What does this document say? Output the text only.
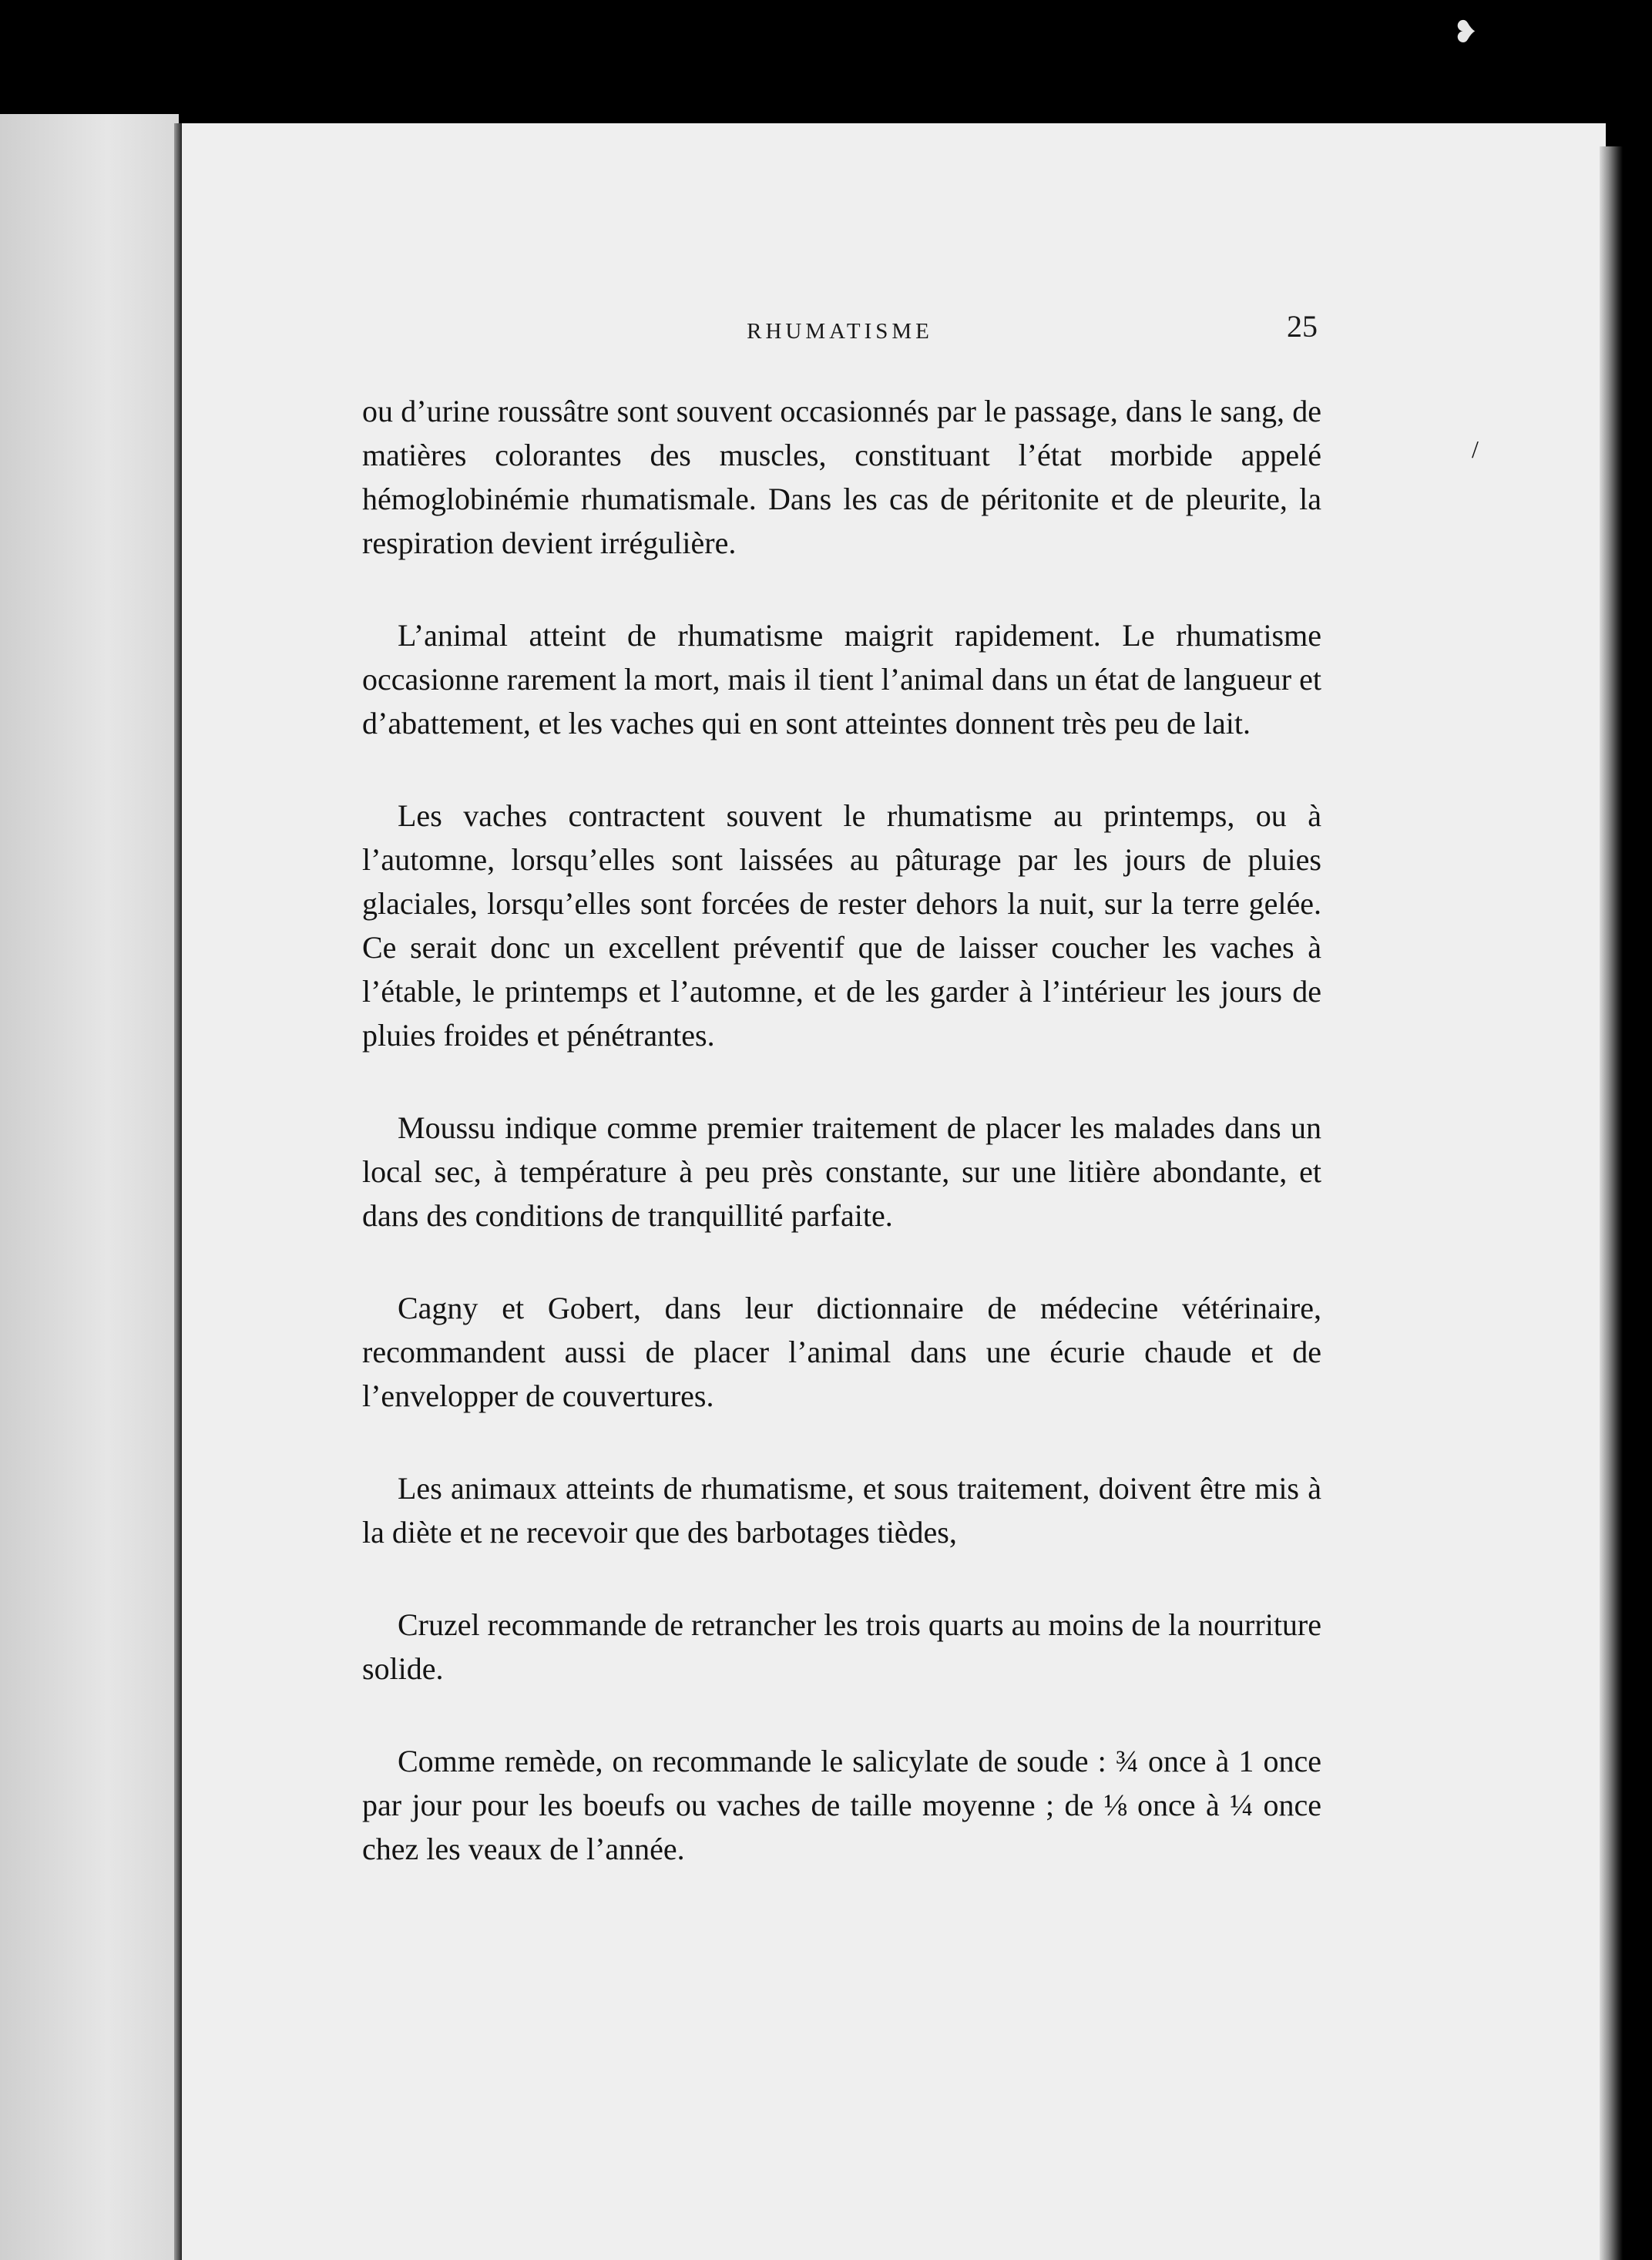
❥
/
RHUMATISME	25

ou d’urine roussâtre sont souvent occasionnés par le passage, dans le sang, de matières colorantes des muscles, constituant l’état morbide appelé hémoglobinémie rhumatismale. Dans les cas de péritonite et de pleurite, la respiration devient irrégulière.

L’animal atteint de rhumatisme maigrit rapidement. Le rhumatisme occasionne rarement la mort, mais il tient l’animal dans un état de langueur et d’abattement, et les vaches qui en sont atteintes donnent très peu de lait.

Les vaches contractent souvent le rhumatisme au printemps, ou à l’automne, lorsqu’elles sont laissées au pâturage par les jours de pluies glaciales, lorsqu’elles sont forcées de rester dehors la nuit, sur la terre gelée. Ce serait donc un excellent préventif que de laisser coucher les vaches à l’étable, le printemps et l’automne, et de les garder à l’intérieur les jours de pluies froides et pénétrantes.

Moussu indique comme premier traitement de placer les malades dans un local sec, à température à peu près constante, sur une litière abondante, et dans des conditions de tranquillité parfaite.

Cagny et Gobert, dans leur dictionnaire de médecine vétérinaire, recommandent aussi de placer l’animal dans une écurie chaude et de l’envelopper de couvertures.

Les animaux atteints de rhumatisme, et sous traitement, doivent être mis à la diète et ne recevoir que des barbotages tièdes,

Cruzel recommande de retrancher les trois quarts au moins de la nourriture solide.

Comme remède, on recommande le salicylate de soude : ¾ once à 1 once par jour pour les boeufs ou vaches de taille moyenne ; de ⅛ once à ¼ once chez les veaux de l’année.
